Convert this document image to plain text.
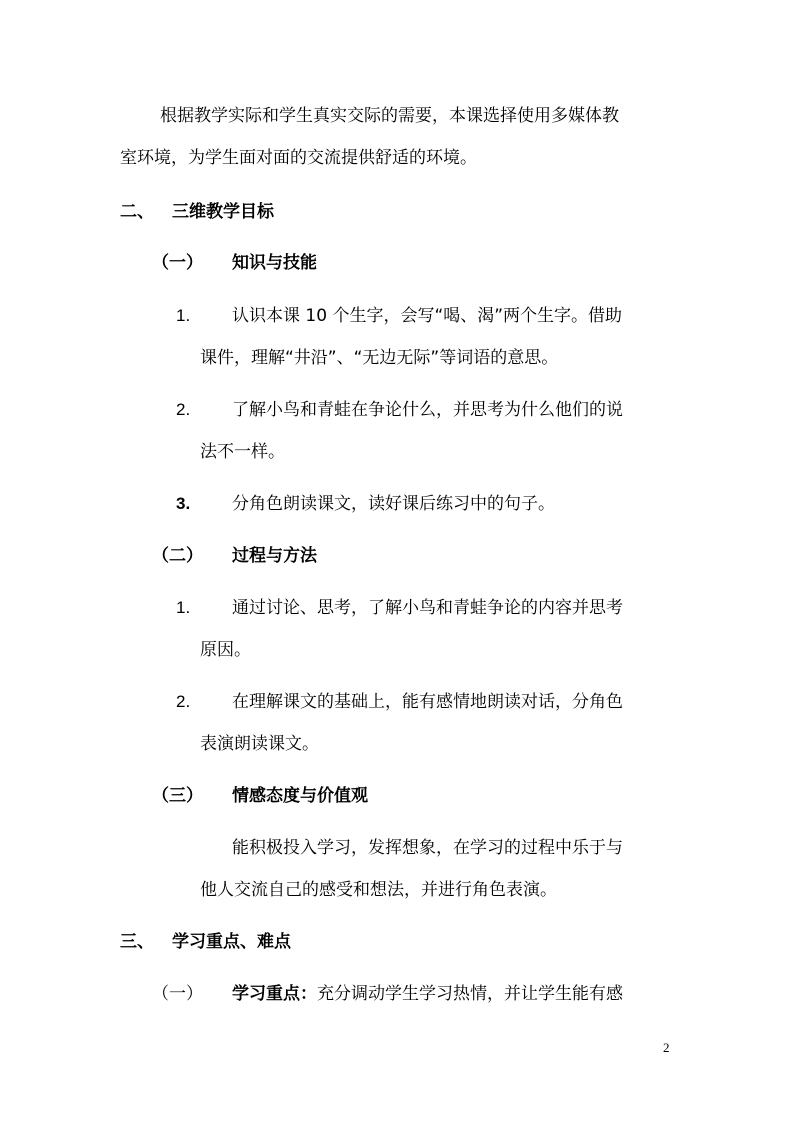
根据教学实际和学生真实交际的需要，本课选择使用多媒体教
室环境，为学生面对面的交流提供舒适的环境。
二、 三维教学目标
（一） 知识与技能
1. 认识本课 10 个生字，会写“喝、渴”两个生字。借助
课件，理解“井沿”、“无边无际”等词语的意思。
2. 了解小鸟和青蛙在争论什么，并思考为什么他们的说
法不一样。
3. 分角色朗读课文，读好课后练习中的句子。
（二） 过程与方法
1. 通过讨论、思考，了解小鸟和青蛙争论的内容并思考
原因。
2. 在理解课文的基础上，能有感情地朗读对话，分角色
表演朗读课文。
（三） 情感态度与价值观
能积极投入学习，发挥想象，在学习的过程中乐于与
他人交流自己的感受和想法，并进行角色表演。
三、 学习重点、难点
（一） 学习重点：充分调动学生学习热情，并让学生能有感
2
